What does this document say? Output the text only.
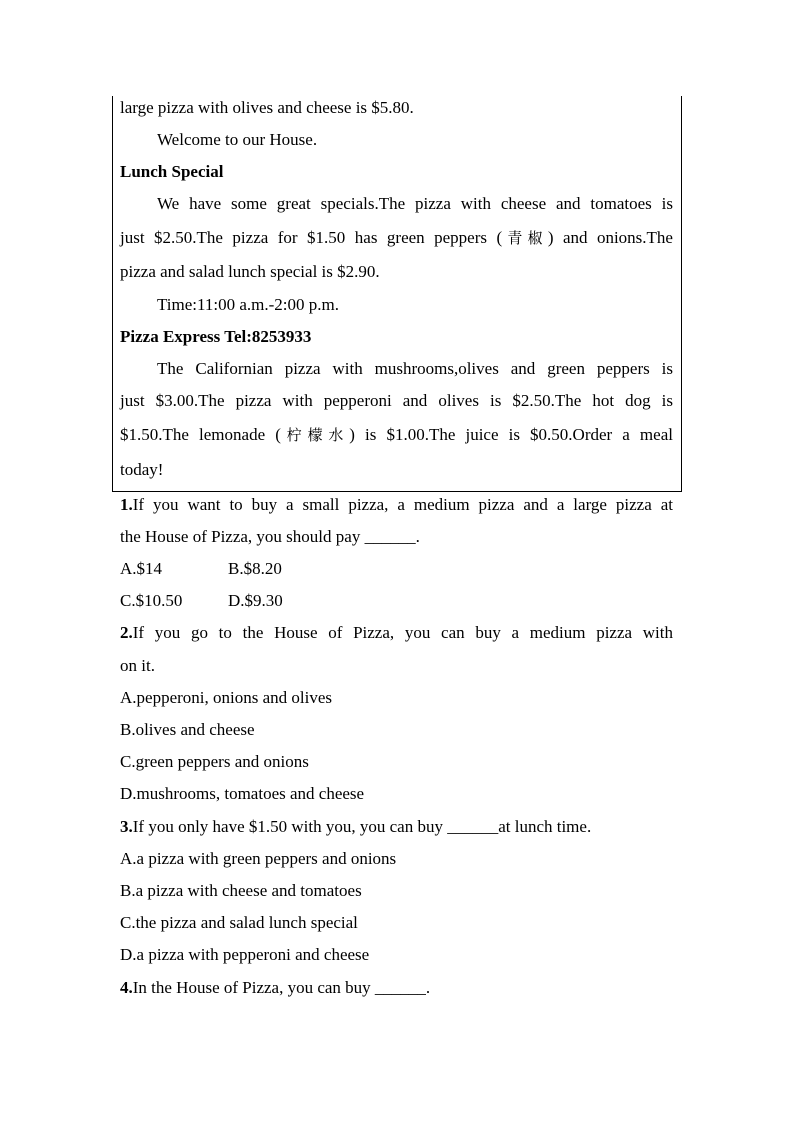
large pizza with olives and cheese is $5.80.
Welcome to our House.
Lunch Special
We have some great specials.The pizza with cheese and tomatoes is
just $2.50.The pizza for $1.50 has green peppers (青椒) and onions.The
pizza and salad lunch special is $2.90.
Time:11:00 a.m.-2:00 p.m.
Pizza Express Tel:8253933
The Californian pizza with mushrooms,olives and green peppers is
just $3.00.The pizza with pepperoni and olives is $2.50.The hot dog is
$1.50.The lemonade (柠檬水) is $1.00.The juice is $0.50.Order a meal
today!
1.If you want to buy a small pizza, a medium pizza and a large pizza at
the House of Pizza, you should pay ______.
A.$14	B.$8.20
C.$10.50	D.$9.30
2.If you go to the House of Pizza, you can buy a medium pizza with
on it.
A.pepperoni, onions and olives
B.olives and cheese
C.green peppers and onions
D.mushrooms, tomatoes and cheese
3.If you only have $1.50 with you, you can buy ______at lunch time.
A.a pizza with green peppers and onions
B.a pizza with cheese and tomatoes
C.the pizza and salad lunch special
D.a pizza with pepperoni and cheese
4.In the House of Pizza, you can buy ______.
